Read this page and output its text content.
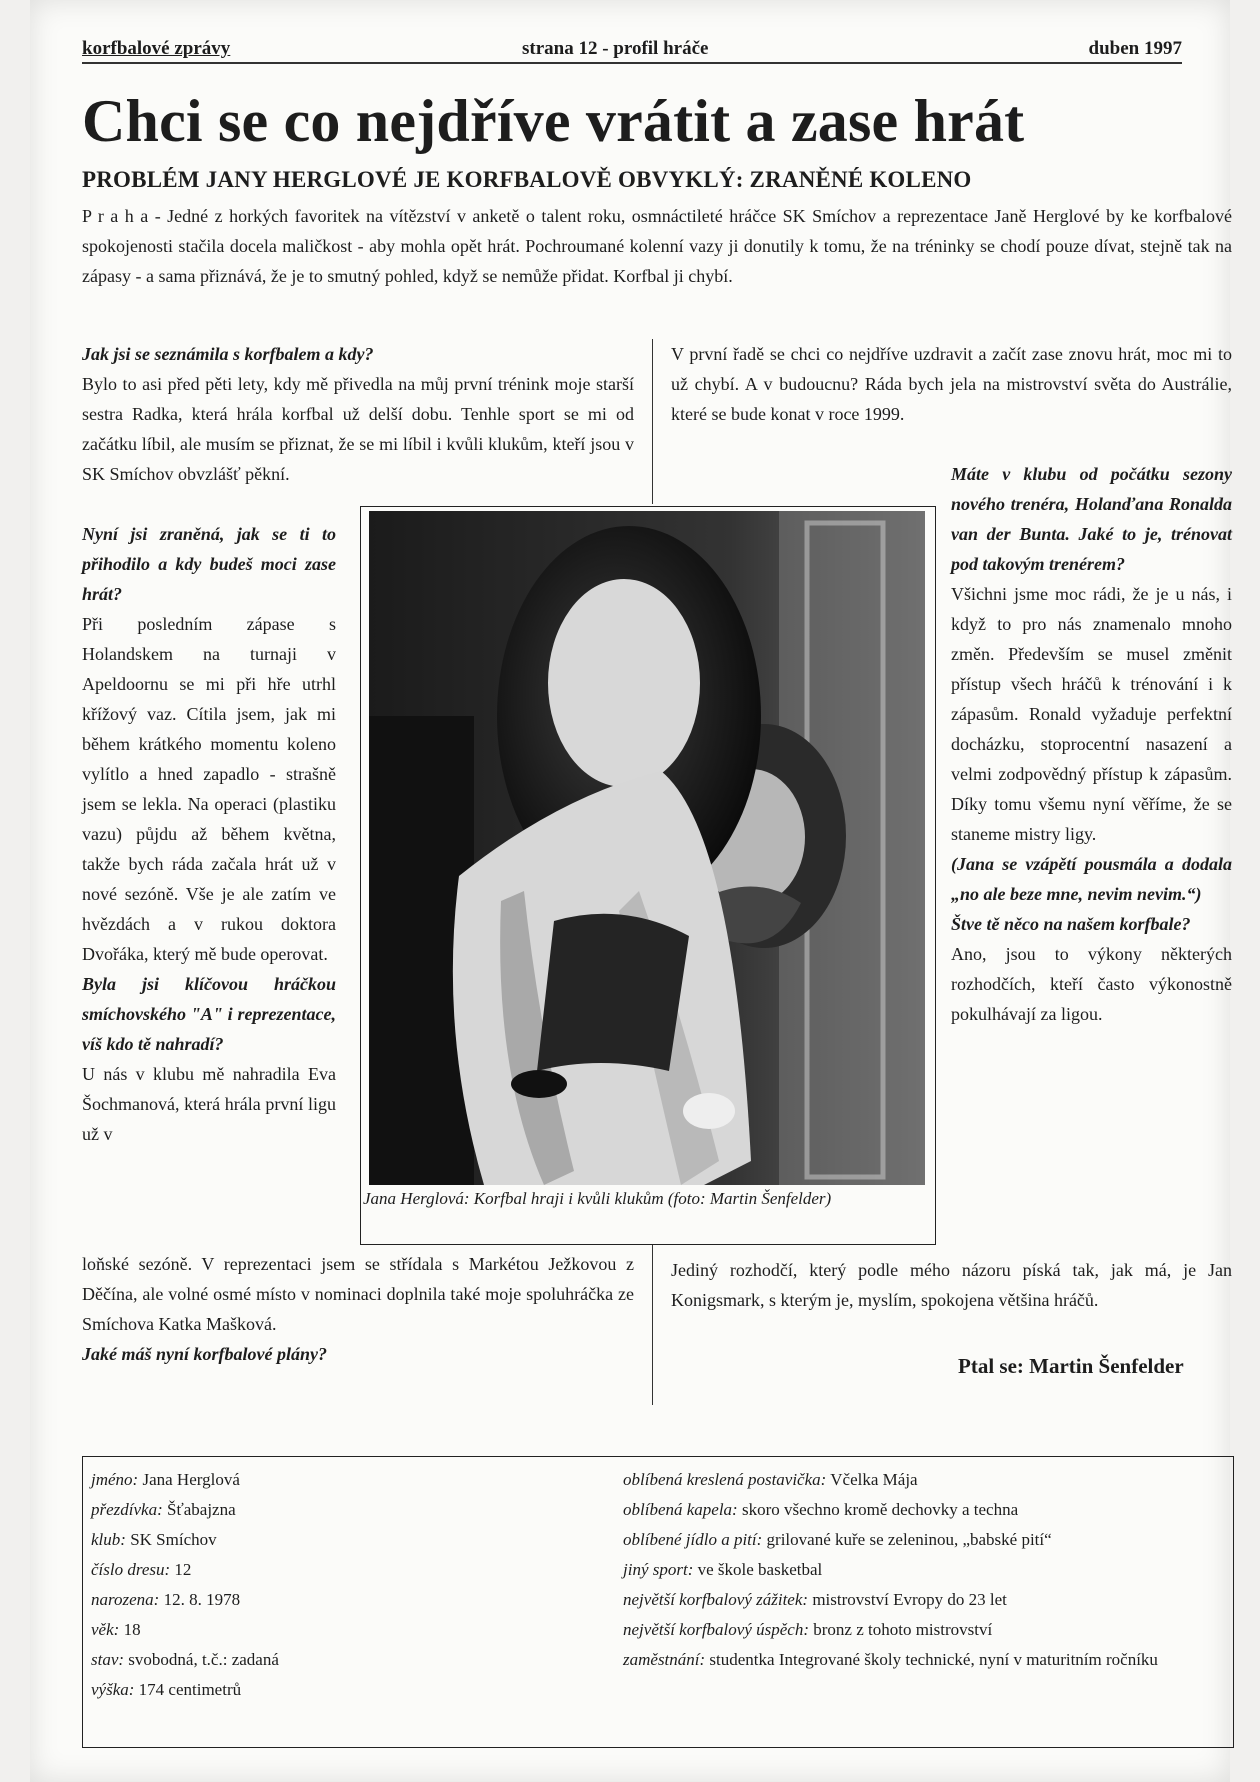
korfbalové zprávy	strana 12 - profil hráče	duben 1997
Chci se co nejdříve vrátit a zase hrát
PROBLÉM JANY HERGLOVÉ JE KORFBALOVĚ OBVYKLÝ: ZRANĚNÉ KOLENO
P r a h a - Jedné z horkých favoritek na vítězství v anketě o talent roku, osmnáctileté hráčce SK Smíchov a reprezentace Janě Herglové by ke korfbalové spokojenosti stačila docela maličkost - aby mohla opět hrát. Pochroumané kolenní vazy ji donutily k tomu, že na tréninky se chodí pouze dívat, stejně tak na zápasy - a sama přiznává, že je to smutný pohled, když se nemůže přidat. Korfbal ji chybí.

Jak jsi se seznámila s korfbalem a kdy?

Bylo to asi před pěti lety, kdy mě přivedla na můj první trénink moje starší sestra Radka, která hrála korfbal už delší dobu. Tenhle sport se mi od začátku líbil, ale musím se přiznat, že se mi líbil i kvůli klukům, kteří jsou v SK Smíchov obvzlášť pěkní.

Nyní jsi zraněná, jak se ti to přihodilo a kdy budeš moci zase hrát?

Při posledním zápase s Holandskem na turnaji v Apeldoornu se mi při hře utrhl křížový vaz. Cítila jsem, jak mi během krátkého momentu koleno vylítlo a hned zapadlo - strašně jsem se lekla. Na operaci (plastiku vazu) půjdu až během května, takže bych ráda začala hrát už v nové sezóně. Vše je ale zatím ve hvězdách a v rukou doktora Dvořáka, který mě bude operovat.

Byla jsi klíčovou hráčkou smíchovského "A" i reprezentace, víš kdo tě nahradí?

U nás v klubu mě nahradila Eva Šochmanová, která hrála první ligu už v

loňské sezóně. V reprezentaci jsem se střídala s Markétou Ježkovou z Děčína, ale volné osmé místo v nominaci doplnila také moje spoluhráčka ze Smíchova Katka Mašková.

Jaké máš nyní korfbalové plány?

V první řadě se chci co nejdříve uzdravit a začít zase znovu hrát, moc mi to už chybí. A v budoucnu? Ráda bych jela na mistrovství světa do Austrálie, které se bude konat v roce 1999.

Máte v klubu od počátku sezony nového trenéra, Holanďana Ronalda van der Bunta. Jaké to je, trénovat pod takovým trenérem?

Všichni jsme moc rádi, že je u nás, i když to pro nás znamenalo mnoho změn. Především se musel změnit přístup všech hráčů k trénování i k zápasům. Ronald vyžaduje perfektní docházku, stoprocentní nasazení a velmi zodpovědný přístup k zápasům. Díky tomu všemu nyní věříme, že se staneme mistry ligy.

(Jana se vzápětí pousmála a dodala „no ale beze mne, nevim nevim.“)

Štve tě něco na našem korfbale?

Ano, jsou to výkony některých rozhodčích, kteří často výkonostně pokulhávají za ligou.

Jediný rozhodčí, který podle mého názoru píská tak, jak má, je Jan Konigsmark, s kterým je, myslím, spokojena většina hráčů.

Ptal se: Martin Šenfelder
Jana Herglová: Korfbal hraji i kvůli klukům (foto: Martin Šenfelder)
jméno: Jana Herglová
přezdívka: Šťabajzna
klub: SK Smíchov
číslo dresu: 12
narozena: 12. 8. 1978
věk: 18
stav: svobodná, t.č.: zadaná
výška: 174 centimetrů
oblíbená kreslená postavička: Včelka Mája
oblíbená kapela: skoro všechno kromě dechovky a techna
oblíbené jídlo a pití: grilované kuře se zeleninou, „babské pití“
jiný sport: ve škole basketbal
největší korfbalový zážitek: mistrovství Evropy do 23 let
největší korfbalový úspěch: bronz z tohoto mistrovství
zaměstnání: studentka Integrované školy technické, nyní v maturitním ročníku
